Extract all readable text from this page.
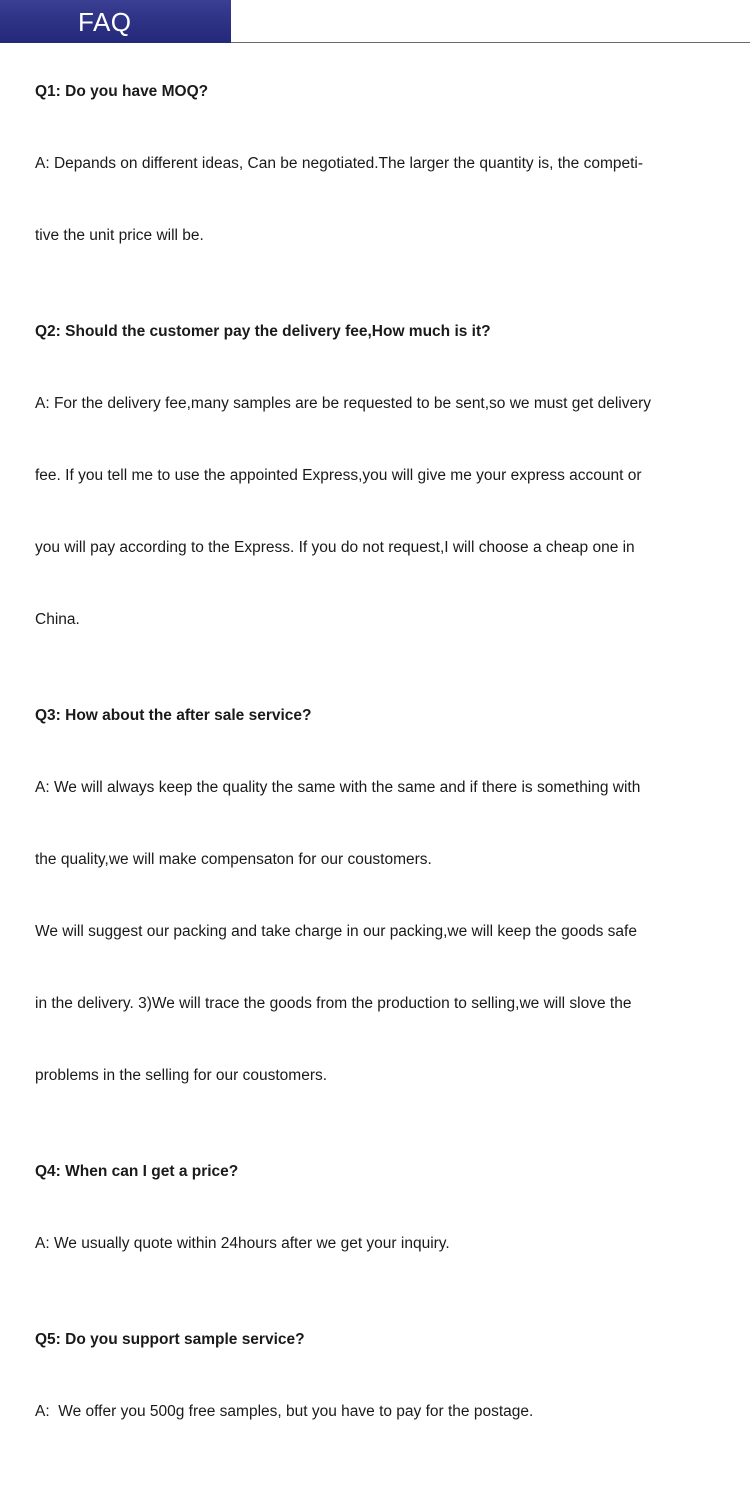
FAQ

Q1: Do you have MOQ?

A: Depands on different ideas, Can be negotiated.The larger the quantity is, the competi-

tive the unit price will be.

Q2: Should the customer pay the delivery fee,How much is it?

A: For the delivery fee,many samples are be requested to be sent,so we must get delivery

fee. If you tell me to use the appointed Express,you will give me your express account or

you will pay according to the Express. If you do not request,I will choose a cheap one in

China.

Q3: How about the after sale service?

A: We will always keep the quality the same with the same and if there is something with

the quality,we will make compensaton for our coustomers.

We will suggest our packing and take charge in our packing,we will keep the goods safe

in the delivery. 3)We will trace the goods from the production to selling,we will slove the

problems in the selling for our coustomers.

Q4: When can I get a price?

A: We usually quote within 24hours after we get your inquiry.

Q5: Do you support sample service?

A:  We offer you 500g free samples, but you have to pay for the postage.
